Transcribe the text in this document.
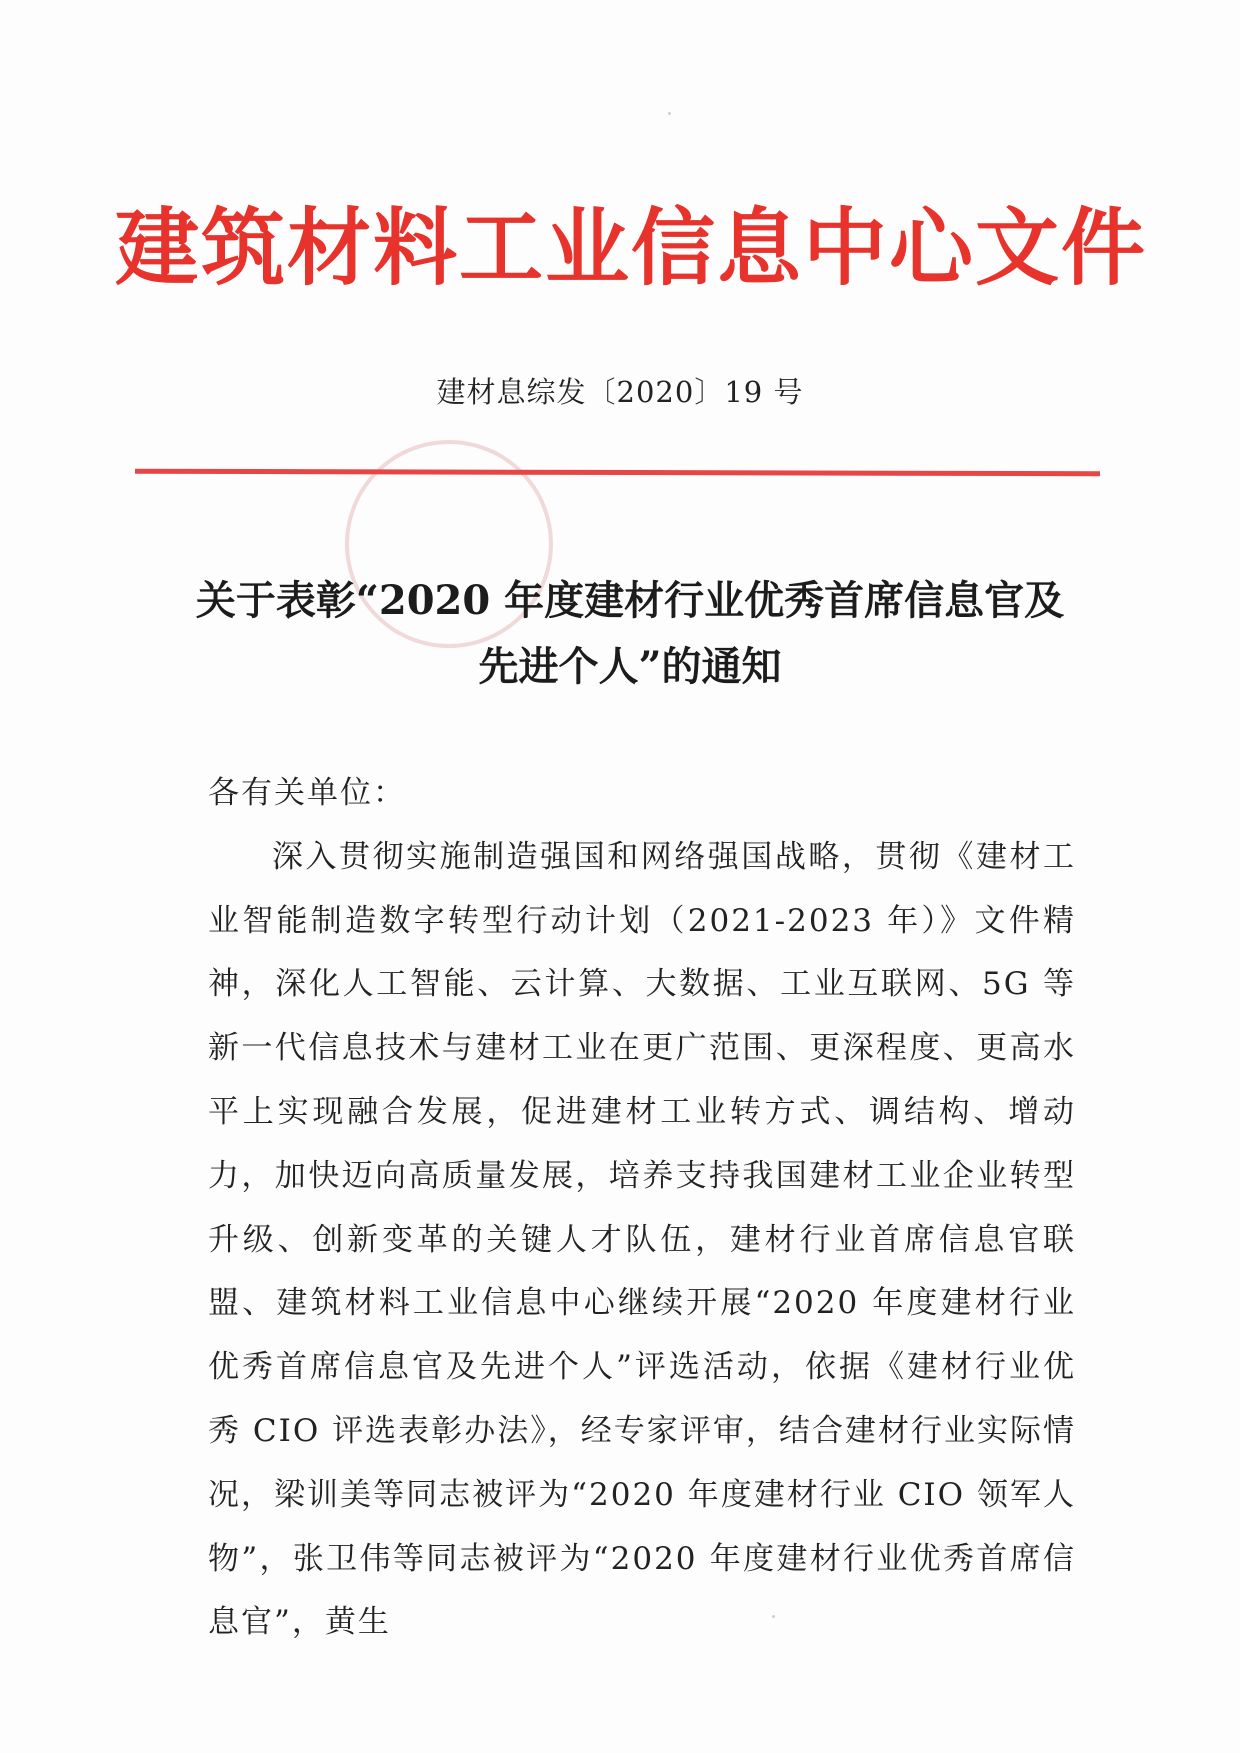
建筑材料工业信息中心文件
建材息综发〔2020〕19 号
关于表彰“2020 年度建材行业优秀首席信息官及先进个人”的通知

各有关单位：

深入贯彻实施制造强国和网络强国战略，贯彻《建材工业智能制造数字转型行动计划（2021-2023 年）》文件精神，深化人工智能、云计算、大数据、工业互联网、5G 等新一代信息技术与建材工业在更广范围、更深程度、更高水平上实现融合发展，促进建材工业转方式、调结构、增动力，加快迈向高质量发展，培养支持我国建材工业企业转型升级、创新变革的关键人才队伍，建材行业首席信息官联盟、建筑材料工业信息中心继续开展“2020 年度建材行业优秀首席信息官及先进个人”评选活动，依据《建材行业优秀 CIO 评选表彰办法》，经专家评审，结合建材行业实际情况，梁训美等同志被评为“2020 年度建材行业 CIO 领军人物”，张卫伟等同志被评为“2020 年度建材行业优秀首席信息官”，黄生
